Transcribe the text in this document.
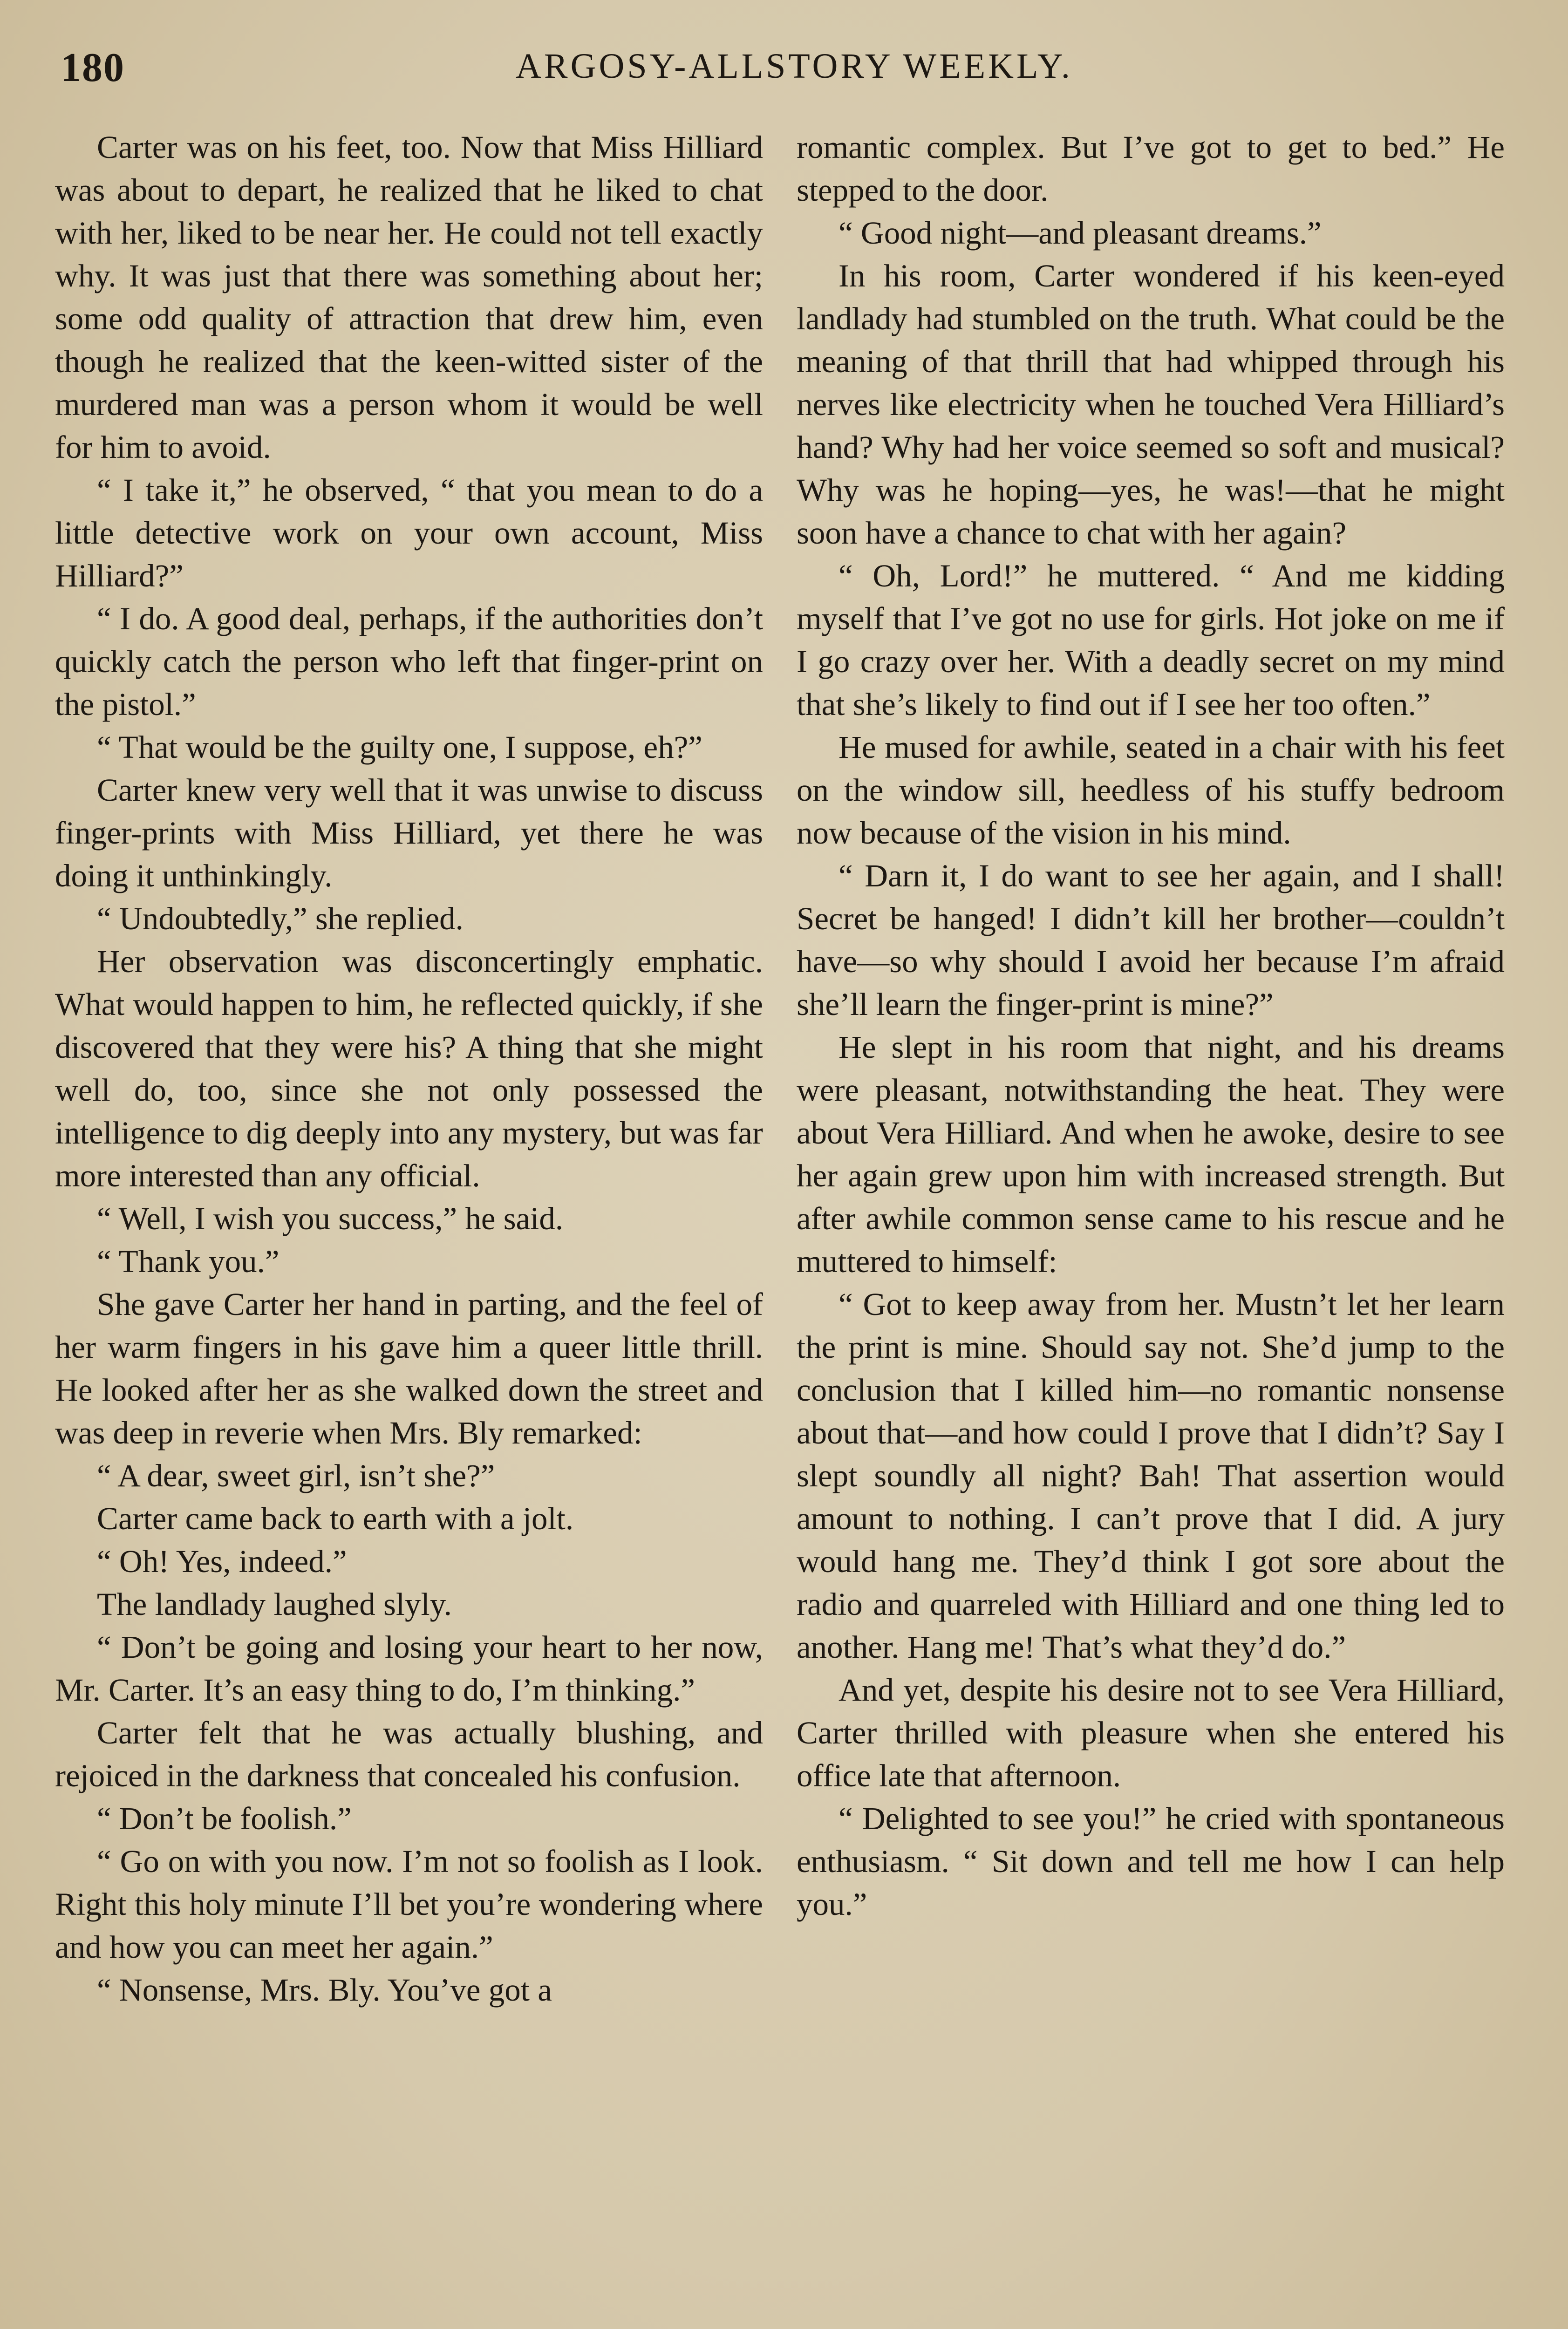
180	ARGOSY-ALLSTORY WEEKLY.

Carter was on his feet, too. Now that Miss Hilliard was about to depart, he realized that he liked to chat with her, liked to be near her. He could not tell exactly why. It was just that there was something about her; some odd quality of attraction that drew him, even though he realized that the keen-witted sister of the murdered man was a person whom it would be well for him to avoid.

“ I take it,” he observed, “ that you mean to do a little detective work on your own account, Miss Hilliard?”

“ I do. A good deal, perhaps, if the authorities don’t quickly catch the person who left that finger-print on the pistol.”

“ That would be the guilty one, I suppose, eh?”

Carter knew very well that it was unwise to discuss finger-prints with Miss Hilliard, yet there he was doing it unthinkingly.

“ Undoubtedly,” she replied.

Her observation was disconcertingly emphatic. What would happen to him, he reflected quickly, if she discovered that they were his? A thing that she might well do, too, since she not only possessed the intelligence to dig deeply into any mystery, but was far more interested than any official.

“ Well, I wish you success,” he said.

“ Thank you.”

She gave Carter her hand in parting, and the feel of her warm fingers in his gave him a queer little thrill. He looked after her as she walked down the street and was deep in reverie when Mrs. Bly remarked:

“ A dear, sweet girl, isn’t she?”

Carter came back to earth with a jolt.

“ Oh! Yes, indeed.”

The landlady laughed slyly.

“ Don’t be going and losing your heart to her now, Mr. Carter. It’s an easy thing to do, I’m thinking.”

Carter felt that he was actually blushing, and rejoiced in the darkness that concealed his confusion.

“ Don’t be foolish.”

“ Go on with you now. I’m not so foolish as I look. Right this holy minute I’ll bet you’re wondering where and how you can meet her again.”

“ Nonsense, Mrs. Bly. You’ve got a

romantic complex. But I’ve got to get to bed.” He stepped to the door.

“ Good night—and pleasant dreams.”

In his room, Carter wondered if his keen-eyed landlady had stumbled on the truth. What could be the meaning of that thrill that had whipped through his nerves like electricity when he touched Vera Hilliard’s hand? Why had her voice seemed so soft and musical? Why was he hoping—yes, he was!—that he might soon have a chance to chat with her again?

“ Oh, Lord!” he muttered. “ And me kidding myself that I’ve got no use for girls. Hot joke on me if I go crazy over her. With a deadly secret on my mind that she’s likely to find out if I see her too often.”

He mused for awhile, seated in a chair with his feet on the window sill, heedless of his stuffy bedroom now because of the vision in his mind.

“ Darn it, I do want to see her again, and I shall! Secret be hanged! I didn’t kill her brother—couldn’t have—so why should I avoid her because I’m afraid she’ll learn the finger-print is mine?”

He slept in his room that night, and his dreams were pleasant, notwithstanding the heat. They were about Vera Hilliard. And when he awoke, desire to see her again grew upon him with increased strength. But after awhile common sense came to his rescue and he muttered to himself:

“ Got to keep away from her. Mustn’t let her learn the print is mine. Should say not. She’d jump to the conclusion that I killed him—no romantic nonsense about that—and how could I prove that I didn’t? Say I slept soundly all night? Bah! That assertion would amount to nothing. I can’t prove that I did. A jury would hang me. They’d think I got sore about the radio and quarreled with Hilliard and one thing led to another. Hang me! That’s what they’d do.”

And yet, despite his desire not to see Vera Hilliard, Carter thrilled with pleasure when she entered his office late that afternoon.

“ Delighted to see you!” he cried with spontaneous enthusiasm. “ Sit down and tell me how I can help you.”
